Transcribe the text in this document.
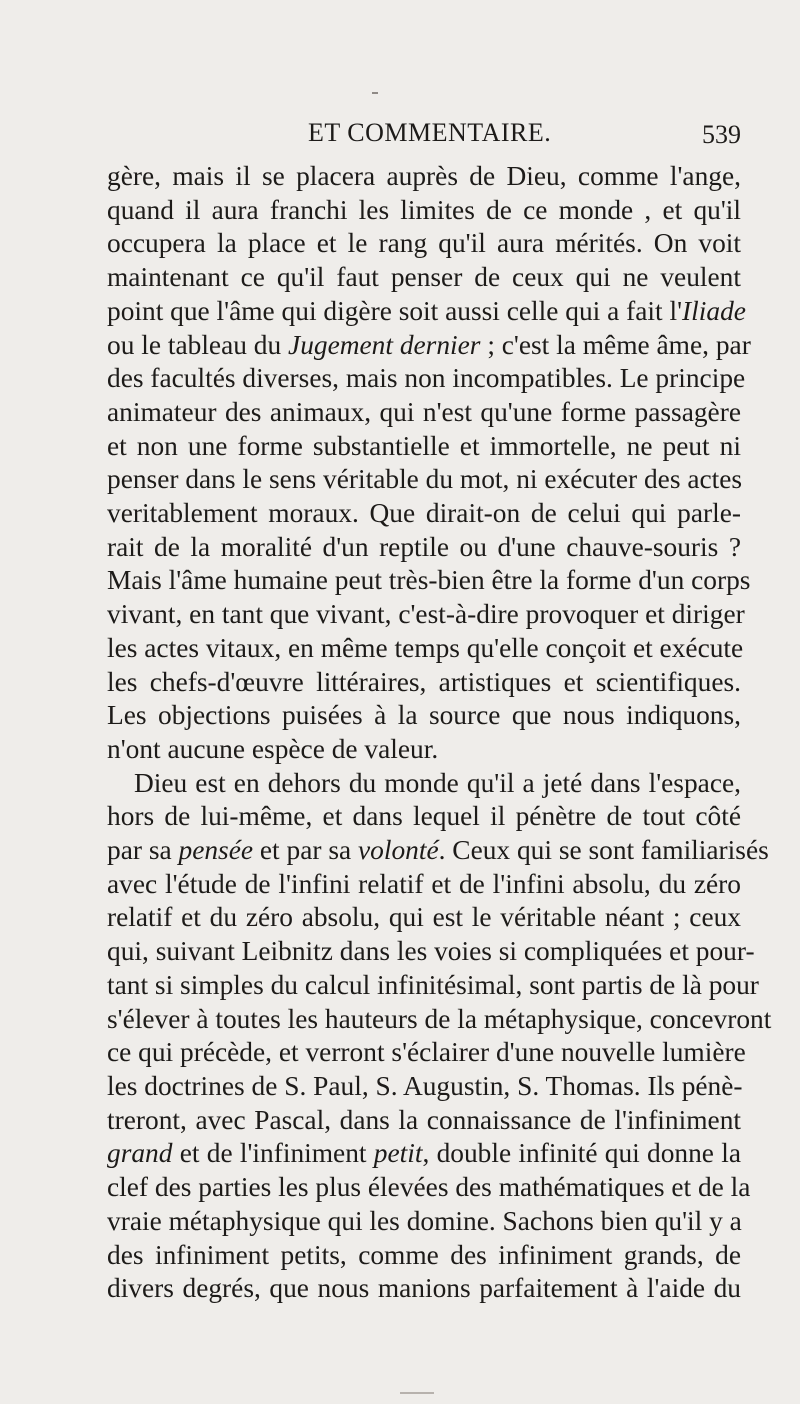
ET COMMENTAIRE.	539
gère, mais il se placera auprès de Dieu, comme l'ange,
quand il aura franchi les limites de ce monde , et qu'il
occupera la place et le rang qu'il aura mérités. On voit
maintenant ce qu'il faut penser de ceux qui ne veulent
point que l'âme qui digère soit aussi celle qui a fait l'Iliade
ou le tableau du Jugement dernier ; c'est la même âme, par
des facultés diverses, mais non incompatibles. Le principe
animateur des animaux, qui n'est qu'une forme passagère
et non une forme substantielle et immortelle, ne peut ni
penser dans le sens véritable du mot, ni exécuter des actes
veritablement moraux. Que dirait-on de celui qui parle-
rait de la moralité d'un reptile ou d'une chauve-souris ?
Mais l'âme humaine peut très-bien être la forme d'un corps
vivant, en tant que vivant, c'est-à-dire provoquer et diriger
les actes vitaux, en même temps qu'elle conçoit et exécute
les chefs-d'œuvre littéraires, artistiques et scientifiques.
Les objections puisées à la source que nous indiquons,
n'ont aucune espèce de valeur.
Dieu est en dehors du monde qu'il a jeté dans l'espace,
hors de lui-même, et dans lequel il pénètre de tout côté
par sa pensée et par sa volonté. Ceux qui se sont familiarisés
avec l'étude de l'infini relatif et de l'infini absolu, du zéro
relatif et du zéro absolu, qui est le véritable néant ; ceux
qui, suivant Leibnitz dans les voies si compliquées et pour-
tant si simples du calcul infinitésimal, sont partis de là pour
s'élever à toutes les hauteurs de la métaphysique, concevront
ce qui précède, et verront s'éclairer d'une nouvelle lumière
les doctrines de S. Paul, S. Augustin, S. Thomas. Ils pénè-
treront, avec Pascal, dans la connaissance de l'infiniment
grand et de l'infiniment petit, double infinité qui donne la
clef des parties les plus élevées des mathématiques et de la
vraie métaphysique qui les domine. Sachons bien qu'il y a
des infiniment petits, comme des infiniment grands, de
divers degrés, que nous manions parfaitement à l'aide du
